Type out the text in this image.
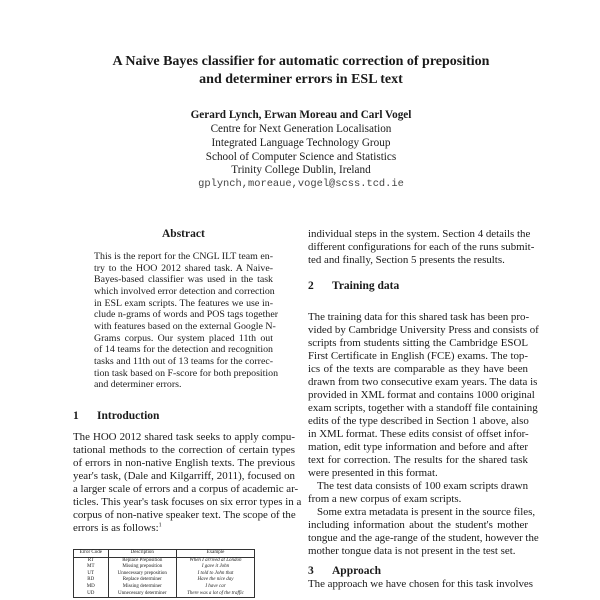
A Naive Bayes classifier for automatic correction of preposition
and determiner errors in ESL text
Gerard Lynch, Erwan Moreau and Carl Vogel
Centre for Next Generation Localisation
Integrated Language Technology Group
School of Computer Science and Statistics
Trinity College Dublin, Ireland
gplynch,moreaue,vogel@scss.tcd.ie
Abstract
This is the report for the CNGL ILT team en-
try to the HOO 2012 shared task. A Naive-
Bayes-based classifier was used in the task
which involved error detection and correction
in ESL exam scripts. The features we use in-
clude n-grams of words and POS tags together
with features based on the external Google N-
Grams corpus. Our system placed 11th out
of 14 teams for the detection and recognition
tasks and 11th out of 13 teams for the correc-
tion task based on F-score for both preposition
and determiner errors.
1 Introduction
The HOO 2012 shared task seeks to apply compu-
tational methods to the correction of certain types
of errors in non-native English texts. The previous
year's task, (Dale and Kilgarriff, 2011), focused on
a larger scale of errors and a corpus of academic ar-
ticles. This year's task focuses on six error types in a
corpus of non-native speaker text. The scope of the
errors is as follows:$^1$
Error Code	Description	Example
RT	Replace Preposition	When I arrived at London
MT	Missing preposition	I gave it John
UT	Unnecessary preposition	I told to John that
RD	Replace determiner	Have the nice day
MD	Missing determiner	I have car
UD	Unnecessary determiner	There was a lot of the traffic
individual steps in the system. Section 4 details the
different configurations for each of the runs submit-
ted and finally, Section 5 presents the results.
2 Training data
The training data for this shared task has been pro-
vided by Cambridge University Press and consists of
scripts from students sitting the Cambridge ESOL
First Certificate in English (FCE) exams. The top-
ics of the texts are comparable as they have been
drawn from two consecutive exam years. The data is
provided in XML format and contains 1000 original
exam scripts, together with a standoff file containing
edits of the type described in Section 1 above, also
in XML format. These edits consist of offset infor-
mation, edit type information and before and after
text for correction. The results for the shared task
were presented in this format.
The test data consists of 100 exam scripts drawn
from a new corpus of exam scripts.
Some extra metadata is present in the source files,
including information about the student's mother
tongue and the age-range of the student, however the
mother tongue data is not present in the test set.
3 Approach
The approach we have chosen for this task involves
